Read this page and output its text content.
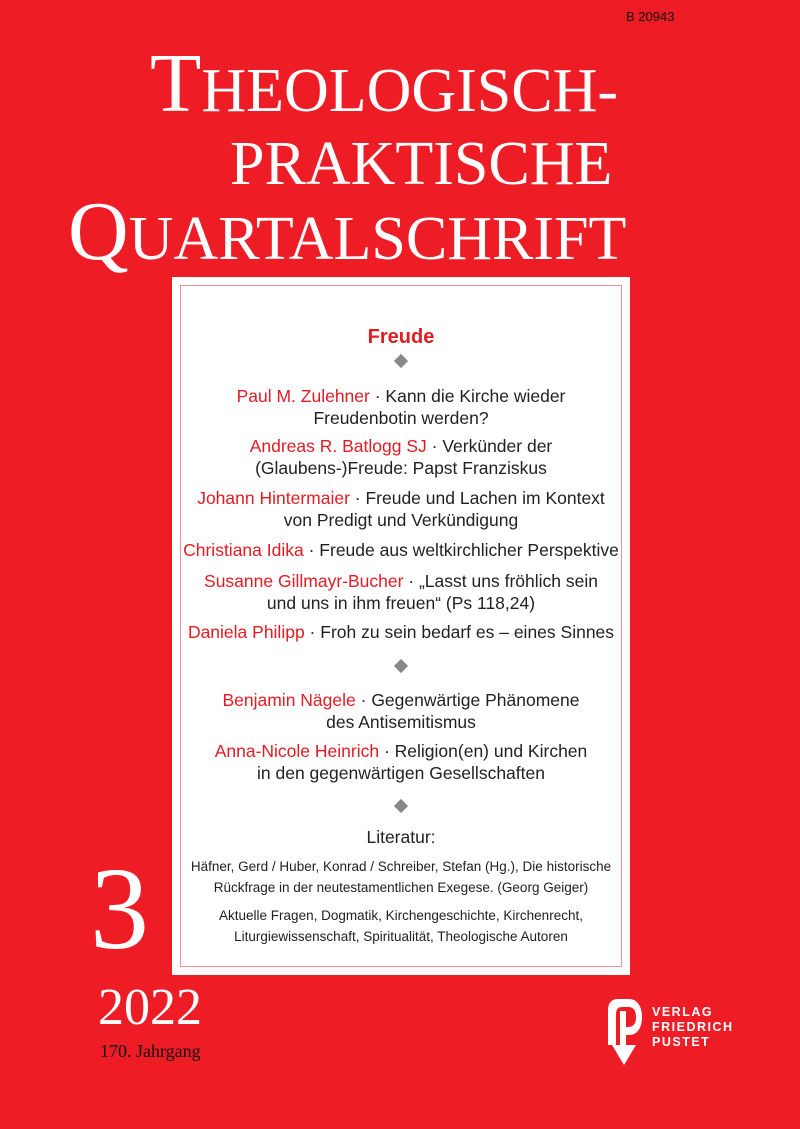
B 20943
THEOLOGISCH-
PRAKTISCHE
QUARTALSCHRIFT
Freude
Paul M. Zulehner · Kann die Kirche wieder
Freudenbotin werden?
Andreas R. Batlogg SJ · Verkünder der
(Glaubens-)Freude: Papst Franziskus
Johann Hintermaier · Freude und Lachen im Kontext
von Predigt und Verkündigung
Christiana Idika · Freude aus weltkirchlicher Perspektive
Susanne Gillmayr-Bucher · „Lasst uns fröhlich sein
und uns in ihm freuen“ (Ps 118,24)
Daniela Philipp · Froh zu sein bedarf es – eines Sinnes
Benjamin Nägele · Gegenwärtige Phänomene
des Antisemitismus
Anna-Nicole Heinrich · Religion(en) und Kirchen
in den gegenwärtigen Gesellschaften
Literatur:
Häfner, Gerd / Huber, Konrad / Schreiber, Stefan (Hg.), Die historische
Rückfrage in der neutestamentlichen Exegese. (Georg Geiger)
Aktuelle Fragen, Dogmatik, Kirchengeschichte, Kirchenrecht,
Liturgiewissenschaft, Spiritualität, Theologische Autoren
3
2022
170. Jahrgang
VERLAG
FRIEDRICH
PUSTET
